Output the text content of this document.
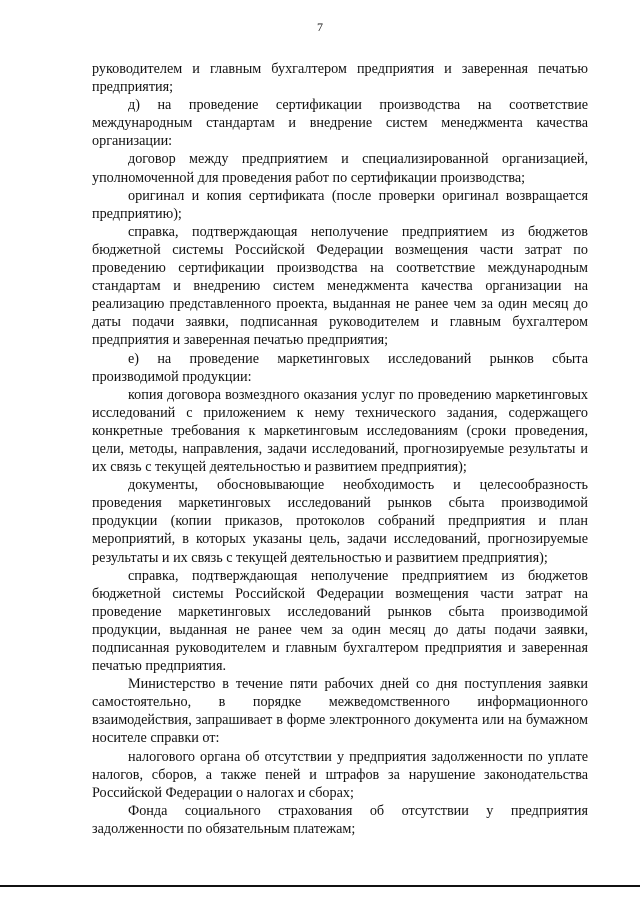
7

руководителем и главным бухгалтером предприятия и заверенная печатью предприятия;

д) на проведение сертификации производства на соответствие международным стандартам и внедрение систем менеджмента качества организации:

договор между предприятием и специализированной организацией, уполномоченной для проведения работ по сертификации производства;

оригинал и копия сертификата (после проверки оригинал возвращается предприятию);

справка, подтверждающая неполучение предприятием из бюджетов бюджетной системы Российской Федерации возмещения части затрат по проведению сертификации производства на соответствие международным стандартам и внедрению систем менеджмента качества организации на реализацию представленного проекта, выданная не ранее чем за один месяц до даты подачи заявки, подписанная руководителем и главным бухгалтером предприятия и заверенная печатью предприятия;

е) на проведение маркетинговых исследований рынков сбыта производимой продукции:

копия договора возмездного оказания услуг по проведению маркетинговых исследований с приложением к нему технического задания, содержащего конкретные требования к маркетинговым исследованиям (сроки проведения, цели, методы, направления, задачи исследований, прогнозируемые результаты и их связь с текущей деятельностью и развитием предприятия);

документы, обосновывающие необходимость и целесообразность проведения маркетинговых исследований рынков сбыта производимой продукции (копии приказов, протоколов собраний предприятия и план мероприятий, в которых указаны цель, задачи исследований, прогнозируемые результаты и их связь с текущей деятельностью и развитием предприятия);

справка, подтверждающая неполучение предприятием из бюджетов бюджетной системы Российской Федерации возмещения части затрат на проведение маркетинговых исследований рынков сбыта производимой продукции, выданная не ранее чем за один месяц до даты подачи заявки, подписанная руководителем и главным бухгалтером предприятия и заверенная печатью предприятия.

Министерство в течение пяти рабочих дней со дня поступления заявки самостоятельно, в порядке межведомственного информационного взаимодействия, запрашивает в форме электронного документа или на бумажном носителе справки от:

налогового органа об отсутствии у предприятия задолженности по уплате налогов, сборов, а также пеней и штрафов за нарушение законодательства Российской Федерации о налогах и сборах;

Фонда социального страхования об отсутствии у предприятия задолженности по обязательным платежам;
